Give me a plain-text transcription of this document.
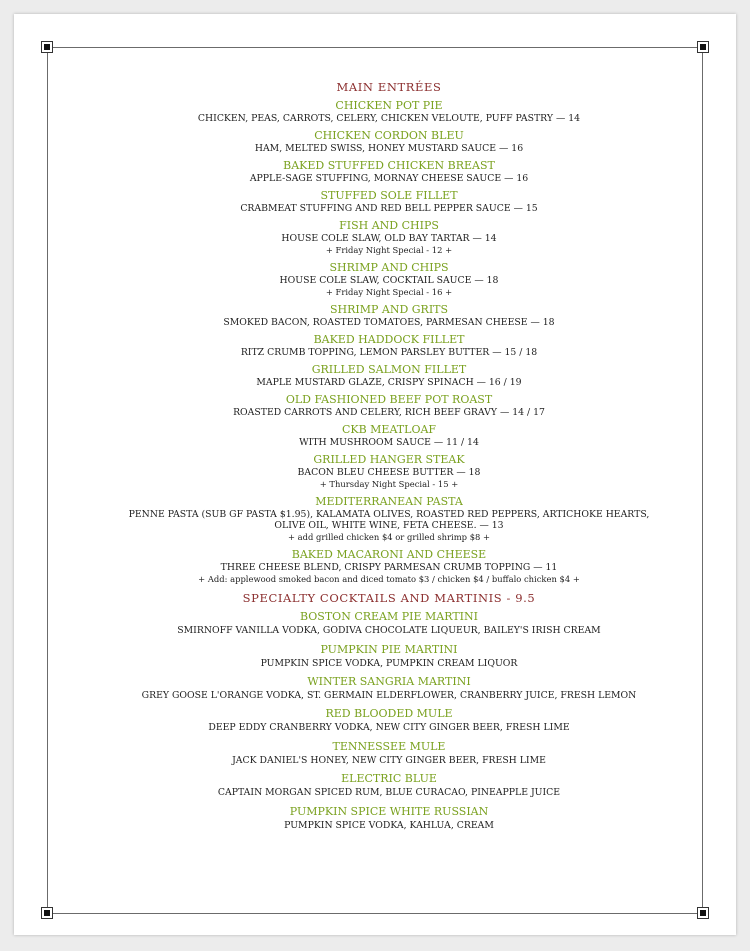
MAIN ENTRÉES
CHICKEN POT PIE
CHICKEN, PEAS, CARROTS, CELERY, CHICKEN VELOUTE, PUFF PASTRY — 14
CHICKEN CORDON BLEU
HAM, MELTED SWISS, HONEY MUSTARD SAUCE — 16
BAKED STUFFED CHICKEN BREAST
APPLE-SAGE STUFFING, MORNAY CHEESE SAUCE — 16
STUFFED SOLE FILLET
CRABMEAT STUFFING AND RED BELL PEPPER SAUCE — 15
FISH AND CHIPS
HOUSE COLE SLAW, OLD BAY TARTAR — 14
+ Friday Night Special - 12 +
SHRIMP AND CHIPS
HOUSE COLE SLAW, COCKTAIL SAUCE — 18
+ Friday Night Special - 16 +
SHRIMP AND GRITS
SMOKED BACON, ROASTED TOMATOES, PARMESAN CHEESE — 18
BAKED HADDOCK FILLET
RITZ CRUMB TOPPING, LEMON PARSLEY BUTTER — 15 / 18
GRILLED SALMON FILLET
MAPLE MUSTARD GLAZE, CRISPY SPINACH — 16 / 19
OLD FASHIONED BEEF POT ROAST
ROASTED CARROTS AND CELERY, RICH BEEF GRAVY — 14 / 17
CKB MEATLOAF
WITH MUSHROOM SAUCE — 11 / 14
GRILLED HANGER STEAK
BACON BLEU CHEESE BUTTER — 18
+ Thursday Night Special - 15 +
MEDITERRANEAN PASTA
PENNE PASTA (SUB GF PASTA $1.95), KALAMATA OLIVES, ROASTED RED PEPPERS, ARTICHOKE HEARTS,
OLIVE OIL, WHITE WINE, FETA CHEESE. — 13
+ add grilled chicken $4 or grilled shrimp $8 +
BAKED MACARONI AND CHEESE
THREE CHEESE BLEND, CRISPY PARMESAN CRUMB TOPPING — 11
+ Add: applewood smoked bacon and diced tomato $3 / chicken $4 / buffalo chicken $4 +
SPECIALTY COCKTAILS AND MARTINIS - 9.5
BOSTON CREAM PIE MARTINI
SMIRNOFF VANILLA VODKA, GODIVA CHOCOLATE LIQUEUR, BAILEY'S IRISH CREAM
PUMPKIN PIE MARTINI
PUMPKIN SPICE VODKA, PUMPKIN CREAM LIQUOR
WINTER SANGRIA MARTINI
GREY GOOSE L'ORANGE VODKA, ST. GERMAIN ELDERFLOWER, CRANBERRY JUICE, FRESH LEMON
RED BLOODED MULE
DEEP EDDY CRANBERRY VODKA, NEW CITY GINGER BEER, FRESH LIME
TENNESSEE MULE
JACK DANIEL'S HONEY, NEW CITY GINGER BEER, FRESH LIME
ELECTRIC BLUE
CAPTAIN MORGAN SPICED RUM, BLUE CURACAO, PINEAPPLE JUICE
PUMPKIN SPICE WHITE RUSSIAN
PUMPKIN SPICE VODKA, KAHLUA, CREAM
